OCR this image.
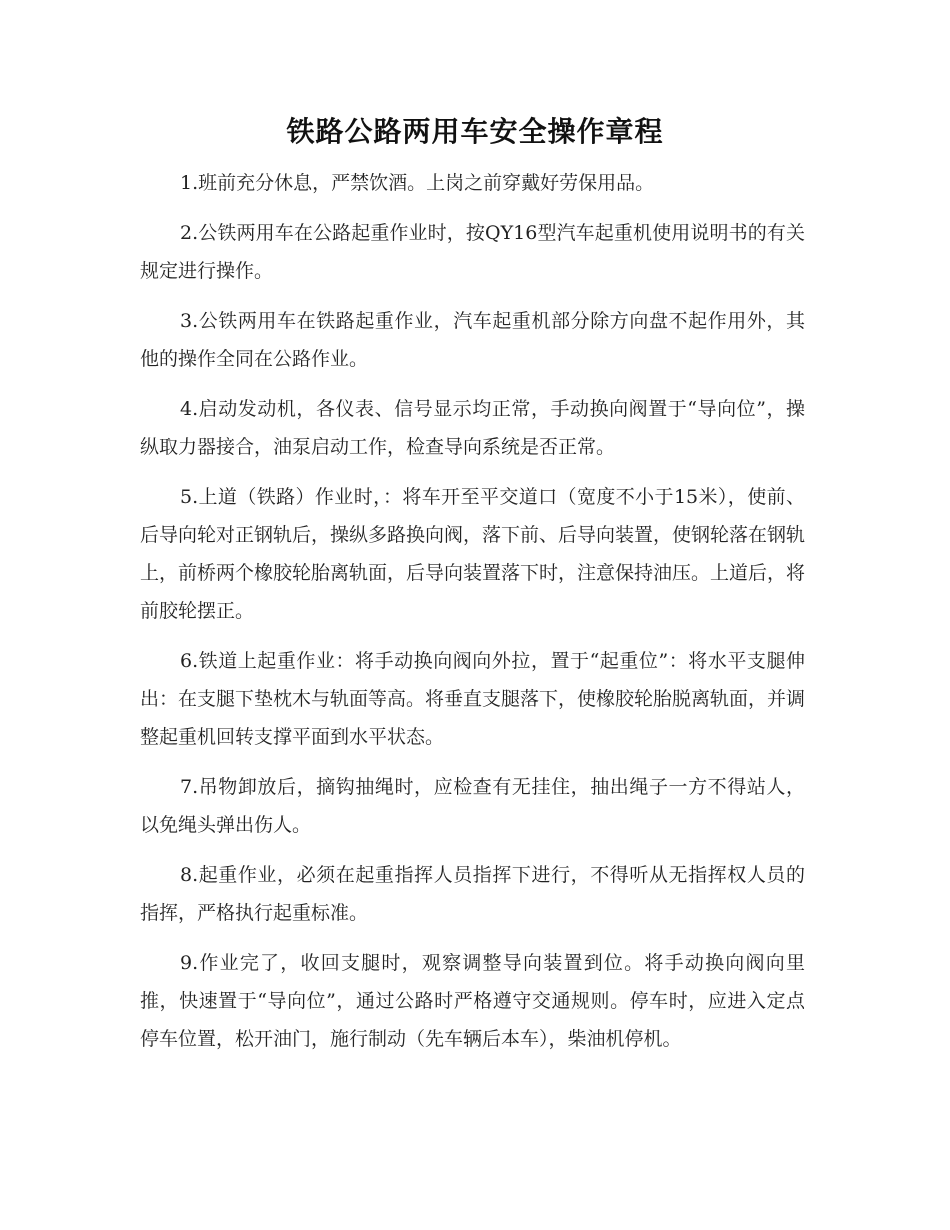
铁路公路两用车安全操作章程

1.班前充分休息，严禁饮酒。上岗之前穿戴好劳保用品。

2.公铁两用车在公路起重作业时，按QY16型汽车起重机使用说明书的有关规定进行操作。

3.公铁两用车在铁路起重作业，汽车起重机部分除方向盘不起作用外，其他的操作全同在公路作业。

4.启动发动机，各仪表、信号显示均正常，手动换向阀置于“导向位”，操纵取力器接合，油泵启动工作，检查导向系统是否正常。

5.上道（铁路）作业时，：将车开至平交道口（宽度不小于15米），使前、后导向轮对正钢轨后，操纵多路换向阀，落下前、后导向装置，使钢轮落在钢轨上，前桥两个橡胶轮胎离轨面，后导向装置落下时，注意保持油压。上道后，将前胶轮摆正。

6.铁道上起重作业：将手动换向阀向外拉，置于“起重位”：将水平支腿伸出：在支腿下垫枕木与轨面等高。将垂直支腿落下，使橡胶轮胎脱离轨面，并调整起重机回转支撑平面到水平状态。

7.吊物卸放后，摘钩抽绳时，应检查有无挂住，抽出绳子一方不得站人，以免绳头弹出伤人。

8.起重作业，必须在起重指挥人员指挥下进行，不得听从无指挥权人员的指挥，严格执行起重标准。

9.作业完了，收回支腿时，观察调整导向装置到位。将手动换向阀向里推，快速置于“导向位”，通过公路时严格遵守交通规则。停车时，应进入定点停车位置，松开油门，施行制动（先车辆后本车），柴油机停机。
